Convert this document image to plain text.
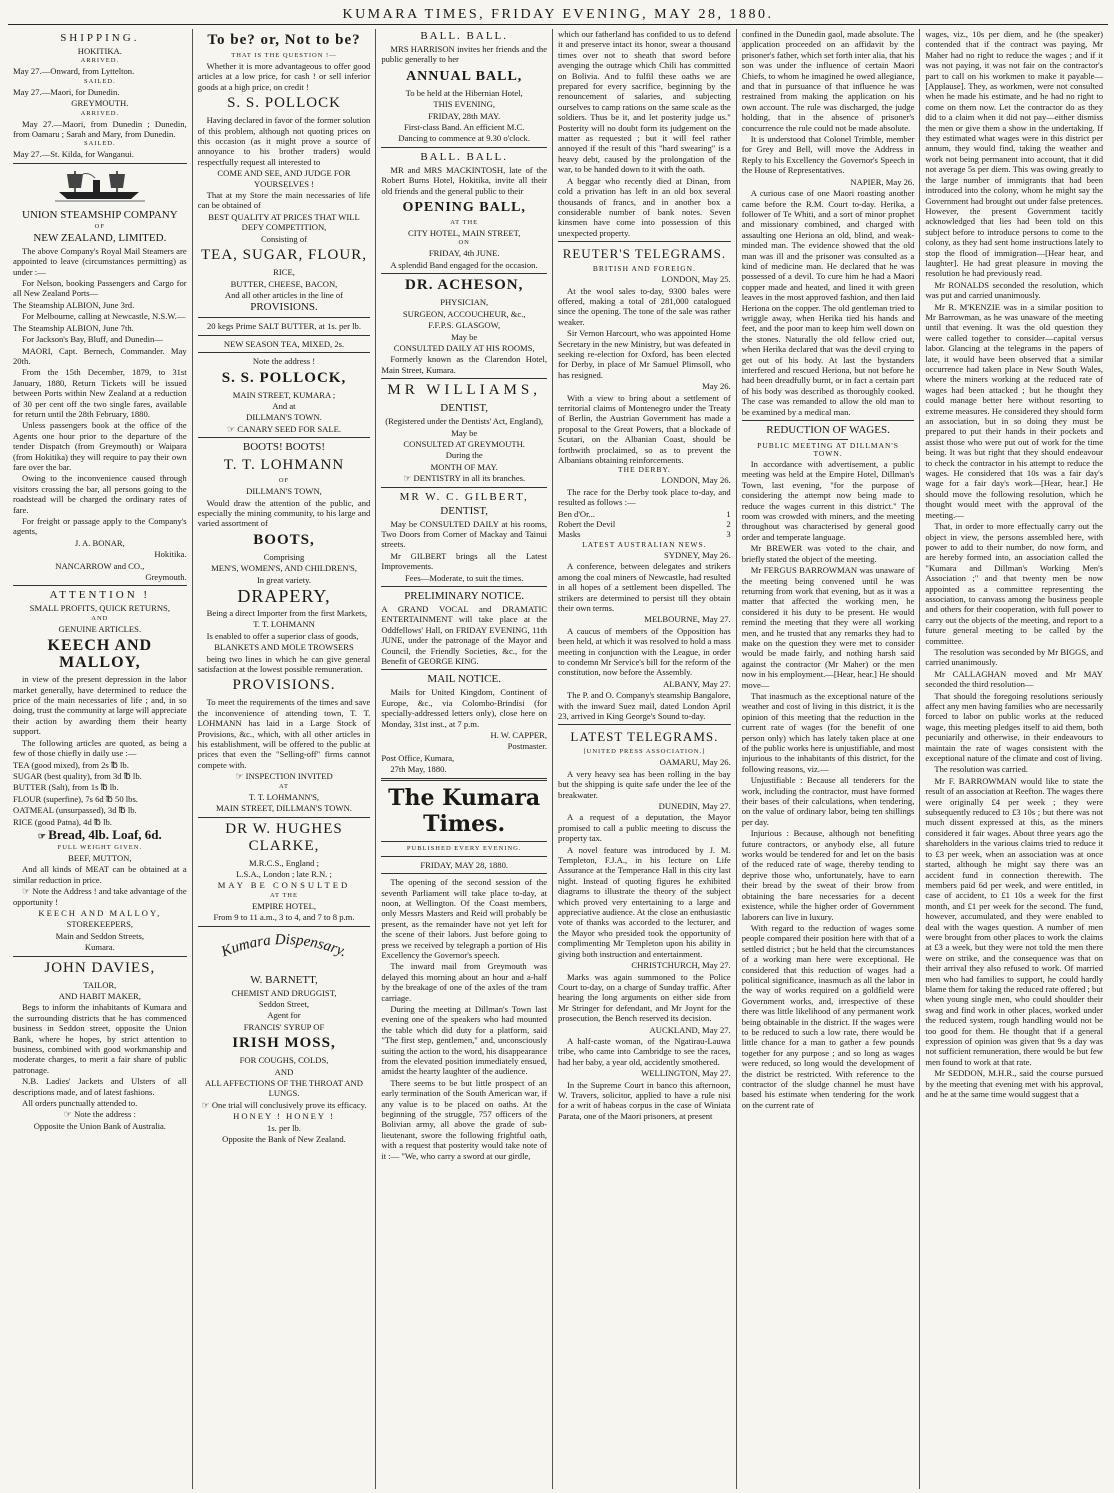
KUMARA TIMES, FRIDAY EVENING, MAY 28, 1880.
SHIPPING.

HOKITIKA.

ARRIVED.

May 27.—Onward, from Lyttelton.

SAILED.

May 27.—Maori, for Dunedin.

GREYMOUTH.

ARRIVED.

May 27.—Maori, from Dunedin ; Dunedin, from Oamaru ; Sarah and Mary, from Dunedin.

SAILED.

May 27.—St. Kilda, for Wanganui.

UNION STEAMSHIP COMPANY
OF
NEW ZEALAND, LIMITED.

The above Company's Royal Mail Steamers are appointed to leave (circumstances permitting) as under :—

For Nelson, booking Passengers and Cargo for all New Zealand Ports—

The Steamship ALBION, June 3rd.

For Melbourne, calling at Newcastle, N.S.W.—

The Steamship ALBION, June 7th.

For Jackson's Bay, Bluff, and Dunedin—

MAORI, Capt. Bernech, Commander. May 20th.

From the 15th December, 1879, to 31st January, 1880, Return Tickets will be issued between Ports within New Zealand at a reduction of 30 per cent off the two single fares, available for return until the 28th February, 1880.

Unless passengers book at the office of the Agents one hour prior to the departure of the tender Dispatch (from Greymouth) or Waipara (from Hokitika) they will require to pay their own fare over the bar.

Owing to the inconvenience caused through visitors crossing the bar, all persons going to the roadstead will be charged the ordinary rates of fare.

For freight or passage apply to the Company's agents,

J. A. BONAR,

Hokitika.

NANCARROW and CO.,

Greymouth.

ATTENTION !

SMALL PROFITS, QUICK RETURNS,

AND

GENUINE ARTICLES.

KEECH AND MALLOY,

in view of the present depression in the labor market generally, have determined to reduce the price of the main necessaries of life ; and, in so doing, trust the community at large will appreciate their action by awarding them their hearty support.

The following articles are quoted, as being a few of those chiefly in daily use :—

TEA (good mixed), from 2s ℔ lb.

SUGAR (best quality), from 3d ℔ lb.

BUTTER (Salt), from 1s ℔ lb.

FLOUR (superfine), 7s 6d ℔ 50 lbs.

OATMEAL (unsurpassed), 3d ℔ lb.

RICE (good Patna), 4d ℔ lb.

☞ Bread, 4lb. Loaf, 6d.
FULL WEIGHT GIVEN.

BEEF, MUTTON,

And all kinds of MEAT can be obtained at a similar reduction in price.

☞ Note the Address ! and take advantage of the opportunity !

KEECH AND MALLOY,

STOREKEEPERS,

Main and Seddon Streets,

Kumara.

JOHN DAVIES,

TAILOR,

AND HABIT MAKER,

Begs to inform the inhabitants of Kumara and the surrounding districts that he has commenced business in Seddon street, opposite the Union Bank, where he hopes, by strict attention to business, combined with good workmanship and moderate charges, to merit a fair share of public patronage.

N.B. Ladies' Jackets and Ulsters of all descriptions made, and of latest fashions.

All orders punctually attended to.

☞ Note the address :

Opposite the Union Bank of Australia.

To be? or, Not to be?
THAT IS THE QUESTION !—

Whether it is more advantageous to offer good articles at a low price, for cash ! or sell inferior goods at a high price, on credit !

S. S. POLLOCK

Having declared in favor of the former solution of this problem, although not quoting prices on this occasion (as it might prove a source of annoyance to his brother traders) would respectfully request all interested to

COME AND SEE, AND JUDGE FOR YOURSELVES !

That at my Store the main necessaries of life can be obtained of

BEST QUALITY AT PRICES THAT WILL DEFY COMPETITION,

Consisting of

TEA, SUGAR, FLOUR,

RICE,

BUTTER, CHEESE, BACON,

And all other articles in the line of

PROVISIONS.

20 kegs Prime SALT BUTTER, at 1s. per lb.

NEW SEASON TEA, MIXED, 2s.

Note the address !

S. S. POLLOCK,

MAIN STREET, KUMARA ;

And at

DILLMAN'S TOWN.

☞ CANARY SEED FOR SALE.

BOOTS! BOOTS!
T. T. LOHMANN
OF

DILLMAN'S TOWN,

Would draw the attention of the public, and especially the mining community, to his large and varied assortment of

BOOTS,

Comprising

MEN'S, WOMEN'S, AND CHILDREN'S,

In great variety.

DRAPERY,

Being a direct Importer from the first Markets,

T. T. LOHMANN

Is enabled to offer a superior class of goods,

BLANKETS AND MOLE TROWSERS

being two lines in which he can give general satisfaction at the lowest possible remuneration.

PROVISIONS.

To meet the requirements of the times and save the inconvenience of attending town, T. T. LOHMANN has laid in a Large Stock of Provisions, &c., which, with all other articles in his establishment, will be offered to the public at prices that even the "Selling-off" firms cannot compete with.

☞ INSPECTION INVITED

AT

T. T. LOHMANN'S,

MAIN STREET, DILLMAN'S TOWN.

DR W. HUGHES CLARKE,

M.R.C.S., England ;

L.S.A., London ; late R.N. ;

MAY BE CONSULTED

AT THE

EMPIRE HOTEL,

From 9 to 11 a.m., 3 to 4, and 7 to 8 p.m.

Kumara Dispensary.
W. BARNETT,

CHEMIST AND DRUGGIST,

Seddon Street,

Agent for

FRANCIS' SYRUP OF

IRISH MOSS,

FOR COUGHS, COLDS,

AND

ALL AFFECTIONS OF THE THROAT AND LUNGS.

☞ One trial will conclusively prove its efficacy.

HONEY ! HONEY !

1s. per lb.

Opposite the Bank of New Zealand.

BALL. BALL.

MRS HARRISON invites her friends and the public generally to her

ANNUAL BALL,

To be held at the Hibernian Hotel,

THIS EVENING,

FRIDAY, 28th MAY.

First-class Band. An efficient M.C.

Dancing to commence at 9.30 o'clock.

BALL. BALL.

MR and MRS MACKINTOSH, late of the Robert Burns Hotel, Hokitika, invite all their old friends and the general public to their

OPENING BALL,
AT THE

CITY HOTEL, MAIN STREET,

ON

FRIDAY, 4th JUNE.

A splendid Band engaged for the occasion.

DR. ACHESON,

PHYSICIAN,

SURGEON, ACCOUCHEUR, &c.,

F.F.P.S. GLASGOW,

May be

CONSULTED DAILY AT HIS ROOMS,

Formerly known as the Clarendon Hotel, Main Street, Kumara.

MR WILLIAMS,
DENTIST,

(Registered under the Dentists' Act, England),

May be

CONSULTED AT GREYMOUTH.

During the

MONTH OF MAY.

☞ DENTISTRY in all its branches.

MR W. C. GILBERT,
DENTIST,

May be CONSULTED DAILY at his rooms, Two Doors from Corner of Mackay and Tainui streets.

Mr GILBERT brings all the Latest Improvements.

Fees—Moderate, to suit the times.

PRELIMINARY NOTICE.

A GRAND VOCAL and DRAMATIC ENTERTAINMENT will take place at the Oddfellows' Hall, on FRIDAY EVENING, 11th JUNE, under the patronage of the Mayor and Council, the Friendly Societies, &c., for the Benefit of GEORGE KING.

MAIL NOTICE.

Mails for United Kingdom, Continent of Europe, &c., via Colombo-Brindisi (for specially-addressed letters only), close here on Monday, 31st inst., at 7 p.m.

H. W. CAPPER,

Postmaster.

Post Office, Kumara,

27th May, 1880.

The Kumara Times.
PUBLISHED EVERY EVENING.

FRIDAY, MAY 28, 1880.

The opening of the second session of the seventh Parliament will take place to-day, at noon, at Wellington. Of the Coast members, only Messrs Masters and Reid will probably be present, as the remainder have not yet left for the scene of their labors. Just before going to press we received by telegraph a portion of His Excellency the Governor's speech.

The inward mail from Greymouth was delayed this morning about an hour and a-half by the breakage of one of the axles of the tram carriage.

During the meeting at Dillman's Town last evening one of the speakers who had mounted the table which did duty for a platform, said "The first step, gentlemen," and, unconsciously suiting the action to the word, his disappearance from the elevated position immediately ensued, amidst the hearty laughter of the audience.

There seems to be but little prospect of an early termination of the South American war, if any value is to be placed on oaths. At the beginning of the struggle, 757 officers of the Bolivian army, all above the grade of sub-lieutenant, swore the following frightful oath, with a request that posterity would take note of it :— "We, who carry a sword at our girdle,

which our fatherland has confided to us to defend it and preserve intact its honor, swear a thousand times over not to sheath that sword before avenging the outrage which Chili has committed on Bolivia. And to fulfil these oaths we are prepared for every sacrifice, beginning by the renouncement of salaries, and subjecting ourselves to camp rations on the same scale as the soldiers. Thus be it, and let posterity judge us." Posterity will no doubt form its judgement on the matter as requested ; but it will feel rather annoyed if the result of this "hard swearing" is a heavy debt, caused by the prolongation of the war, to be handed down to it with the oath.

A beggar who recently died at Dinan, from cold a privation has left in an old box several thousands of francs, and in another box a considerable number of bank notes. Seven kinsmen have come into possession of this unexpected property.

REUTER'S TELEGRAMS.
BRITISH AND FOREIGN.

LONDON, May 25.

At the wool sales to-day, 9300 bales were offered, making a total of 281,000 catalogued since the opening. The tone of the sale was rather weaker.

Sir Vernon Harcourt, who was appointed Home Secretary in the new Ministry, but was defeated in seeking re-election for Oxford, has been elected for Derby, in place of Mr Samuel Plimsoll, who has resigned.

May 26.

With a view to bring about a settlement of territorial claims of Montenegro under the Treaty of Berlin, the Austrian Government has made a proposal to the Great Powers, that a blockade of Scutari, on the Albanian Coast, should be forthwith proclaimed, so as to prevent the Albanians obtaining reinforcements.

THE DERBY.

LONDON, May 26.

The race for the Derby took place to-day, and resulted as follows :—

Ben d'Or...	1
Robert the Devil	2
Masks	3
LATEST AUSTRALIAN NEWS.

SYDNEY, May 26.

A conference, between delegates and strikers among the coal miners of Newcastle, had resulted in all hopes of a settlement been dispelled. The strikers are determined to persist till they obtain their own terms.

MELBOURNE, May 27.

A caucus of members of the Opposition has been held, at which it was resolved to hold a mass meeting in conjunction with the League, in order to condemn Mr Service's bill for the reform of the constitution, now before the Assembly.

ALBANY, May 27.

The P. and O. Company's steamship Bangalore, with the inward Suez mail, dated London April 23, arrived in King George's Sound to-day.

LATEST TELEGRAMS.
[UNITED PRESS ASSOCIATION.]

OAMARU, May 26.

A very heavy sea has been rolling in the bay but the shipping is quite safe under the lee of the breakwater.

DUNEDIN, May 27.

A a request of a deputation, the Mayor promised to call a public meeting to discuss the property tax.

A novel feature was introduced by J. M. Templeton, F.J.A., in his lecture on Life Assurance at the Temperance Hall in this city last night. Instead of quoting figures he exhibited diagrams to illustrate the theory of the subject which proved very entertaining to a large and appreciative audience. At the close an enthusiastic vote of thanks was accorded to the lecturer, and the Mayor who presided took the opportunity of complimenting Mr Templeton upon his ability in giving both instruction and entertainment.

CHRISTCHURCH, May 27.

Marks was again summoned to the Police Court to-day, on a charge of Sunday traffic. After hearing the long arguments on either side from Mr Stringer for defendant, and Mr Joynt for the prosecution, the Bench reserved its decision.

AUCKLAND, May 27.

A half-caste woman, of the Ngatirau-Lauwa tribe, who came into Cambridge to see the races, had her baby, a year old, accidently smothered.

WELLINGTON, May 27.

In the Supreme Court in banco this afternoon, W. Travers, solicitor, applied to have a rule nisi for a writ of habeas corpus in the case of Winiata Parata, one of the Maori prisoners, at present

confined in the Dunedin gaol, made absolute. The application proceeded on an affidavit by the prisoner's father, which set forth inter alia, that his son was under the influence of certain Maori Chiefs, to whom he imagined he owed allegiance, and that in pursuance of that influence he was restrained from making the application on his own account. The rule was discharged, the judge holding, that in the absence of prisoner's concurrence the rule could not be made absolute.

It is understood that Colonel Trimble, member for Grey and Bell, will move the Address in Reply to his Excellency the Governor's Speech in the House of Representatives.

NAPIER, May 26.

A curious case of one Maori roasting another came before the R.M. Court to-day. Herika, a follower of Te Whiti, and a sort of minor prophet and missionary combined, and charged with assaulting one Heriona an old, blind, and weak-minded man. The evidence showed that the old man was ill and the prisoner was consulted as a kind of medicine man. He declared that he was possessed of a devil. To cure him he had a Maori copper made and heated, and lined it with green leaves in the most approved fashion, and then laid Heriona on the copper. The old gentleman tried to wriggle away, when Herika tied his hands and feet, and the poor man to keep him well down on the stones. Naturally the old fellow cried out, when Herika declared that was the devil crying to get out of his body. At last the bystanders interfered and rescued Heriona, but not before he had been dreadfully burnt, or in fact a certain part of his body was described as thoroughly cooked. The case was remanded to allow the old man to be examined by a medical man.

REDUCTION OF WAGES.
PUBLIC MEETING AT DILLMAN'S TOWN.

In accordance with advertisement, a public meeting was held at the Empire Hotel, Dillman's Town, last evening, "for the purpose of considering the attempt now being made to reduce the wages current in this district." The room was crowded with miners, and the meeting throughout was characterised by general good order and temperate language.

Mr BREWER was voted to the chair, and briefly stated the object of the meeting.

Mr FERGUS BARROWMAN was unaware of the meeting being convened until he was returning from work that evening, but as it was a matter that affected the working men, he considered it his duty to be present. He would remind the meeting that they were all working men, and he trusted that any remarks they had to make on the question they were met to consider would be made fairly, and nothing harsh said against the contractor (Mr Maher) or the men now in his employment.—[Hear, hear.] He should move—

That inasmuch as the exceptional nature of the weather and cost of living in this district, it is the opinion of this meeting that the reduction in the current rate of wages (for the benefit of one person only) which has lately taken place at one of the public works here is unjustifiable, and most injurious to the inhabitants of this district, for the following reasons, viz.—

Unjustifiable : Because all tenderers for the work, including the contractor, must have formed their bases of their calculations, when tendering, on the value of ordinary labor, being ten shillings per day.

Injurious : Because, although not benefiting future contractors, or anybody else, all future works would be tendered for and let on the basis of the reduced rate of wage, thereby tending to deprive those who, unfortunately, have to earn their bread by the sweat of their brow from obtaining the bare necessaries for a decent existence, while the higher order of Government laborers can live in luxury.

With regard to the reduction of wages some people compared their position here with that of a settled district ; but he held that the circumstances of a working man here were exceptional. He considered that this reduction of wages had a political significance, inasmuch as all the labor in the way of works required on a goldfield were Government works, and, irrespective of these there was little likelihood of any permanent work being obtainable in the district. If the wages were to be reduced to such a low rate, there would be little chance for a man to gather a few pounds together for any purpose ; and so long as wages were reduced, so long would the development of the district be restricted. With reference to the contractor of the sludge channel he must have based his estimate when tendering for the work on the current rate of

wages, viz., 10s per diem, and he (the speaker) contended that if the contract was paying, Mr Maher had no right to reduce the wages ; and if it was not paying, it was not fair on the contractor's part to call on his workmen to make it payable—[Applause]. They, as workmen, were not consulted when he made his estimate, and he had no right to come on them now. Let the contractor do as they did to a claim when it did not pay—either dismiss the men or give them a show in the undertaking. If they estimated what wages were in this district per annum, they would find, taking the weather and work not being permanent into account, that it did not average 5s per diem. This was owing greatly to the large number of immigrants that had been introduced into the colony, whom he might say the Government had brought out under false pretences. However, the present Government tacitly acknowledged that lies had been told on this subject before to introduce persons to come to the colony, as they had sent home instructions lately to stop the flood of immigration—[Hear hear, and laughter]. He had great pleasure in moving the resolution he had previously read.

Mr RONALDS seconded the resolution, which was put and carried unanimously.

Mr R. M'KENZIE was in a similar position to Mr Barrowman, as he was unaware of the meeting until that evening. It was the old question they were called together to consider—capital versus labor. Glancing at the telegrams in the papers of late, it would have been observed that a similar occurrence had taken place in New South Wales, where the miners working at the reduced rate of wages had been attacked ; but he thought they could manage better here without resorting to extreme measures. He considered they should form an association, but in so doing they must be prepared to put their hands in their pockets and assist those who were put out of work for the time being. It was but right that they should endeavour to check the contractor in his attempt to reduce the wages. He considered that 10s was a fair day's wage for a fair day's work—[Hear, hear.] He should move the following resolution, which he thought would meet with the approval of the meeting.—

That, in order to more effectually carry out the object in view, the persons assembled here, with power to add to their number, do now form, and are hereby formed into, an association called the "Kumara and Dillman's Working Men's Association ;" and that twenty men be now appointed as a committee representing the association, to canvass among the business people and others for their cooperation, with full power to carry out the objects of the meeting, and report to a future general meeting to be called by the committee.

The resolution was seconded by Mr BIGGS, and carried unanimously.

Mr CALLAGHAN moved and Mr MAY seconded the third resolution—

That should the foregoing resolutions seriously affect any men having families who are necessarily forced to labor on public works at the reduced wage, this meeting pledges itself to aid them, both pecuniarily and otherwise, in their endeavours to maintain the rate of wages consistent with the exceptional nature of the climate and cost of living.

The resolution was carried.

Mr F. BARROWMAN would like to state the result of an association at Reefton. The wages there were originally £4 per week ; they were subsequently reduced to £3 10s ; but there was not much dissent expressed at this, as the miners considered it fair wages. About three years ago the shareholders in the various claims tried to reduce it to £3 per week, when an association was at once started, although he might say there was an accident fund in connection therewith. The members paid 6d per week, and were entitled, in case of accident, to £1 10s a week for the first month, and £1 per week for the second. The fund, however, accumulated, and they were enabled to deal with the wages question. A number of men were brought from other places to work the claims at £3 a week, but they were not told the men there were on strike, and the consequence was that on their arrival they also refused to work. Of married men who had families to support, he could hardly blame them for taking the reduced rate offered ; but when young single men, who could shoulder their swag and find work in other places, worked under the reduced system, rough handling would not be too good for them. He thought that if a general expression of opinion was given that 9s a day was not sufficient remuneration, there would be but few men found to work at that rate.

Mr SEDDON, M.H.R., said the course pursued by the meeting that evening met with his approval, and he at the same time would suggest that a
